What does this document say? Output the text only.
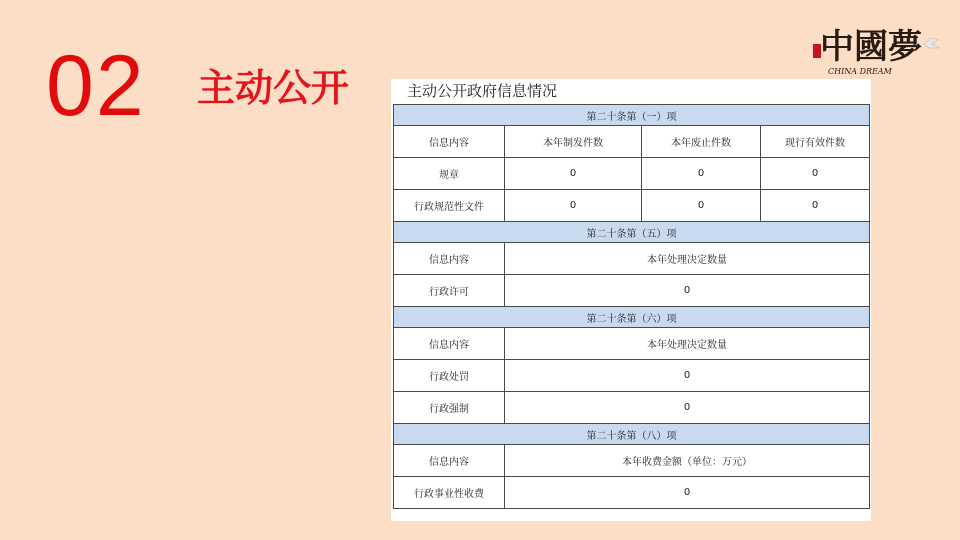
02 主动公开
中國夢
CHINA DREAM
主动公开政府信息情况
第二十条第（一）项			
信息内容	本年制发件数	本年废止件数	现行有效件数
规章	0	0	0
行政规范性文件	0	0	0
第二十条第（五）项			
信息内容	本年处理决定数量		
行政许可	0		
第二十条第（六）项			
信息内容	本年处理决定数量		
行政处罚	0		
行政强制	0		
第二十条第（八）项			
信息内容	本年收费金额（单位：万元）		
行政事业性收费	0		
